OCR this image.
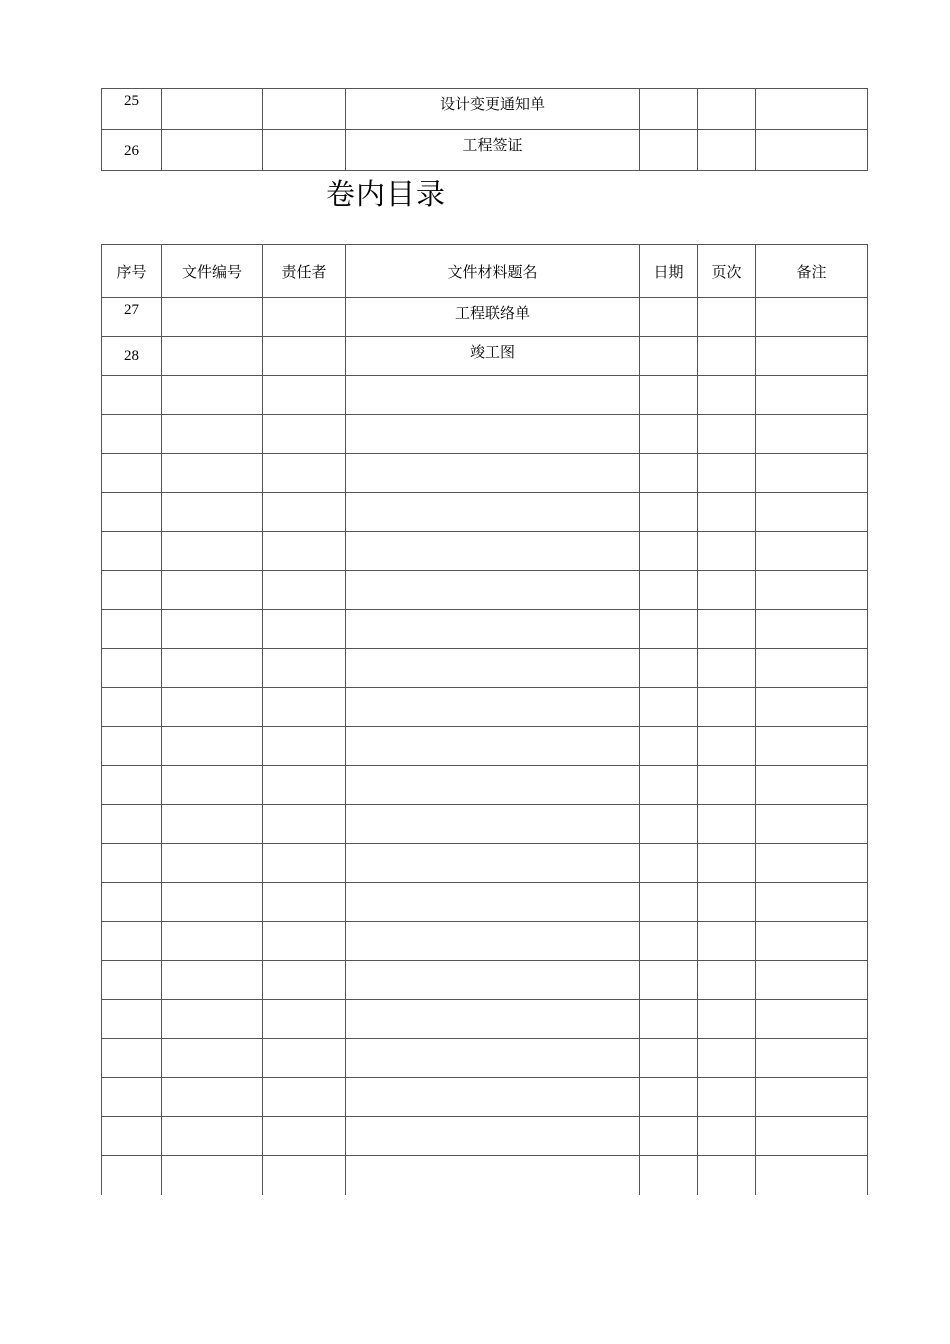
25			设计变更通知单			
26			工程签证			
卷内目录
序号	文件编号	责任者	文件材料题名	日期	页次	备注
27			工程联络单			
28			竣工图			
